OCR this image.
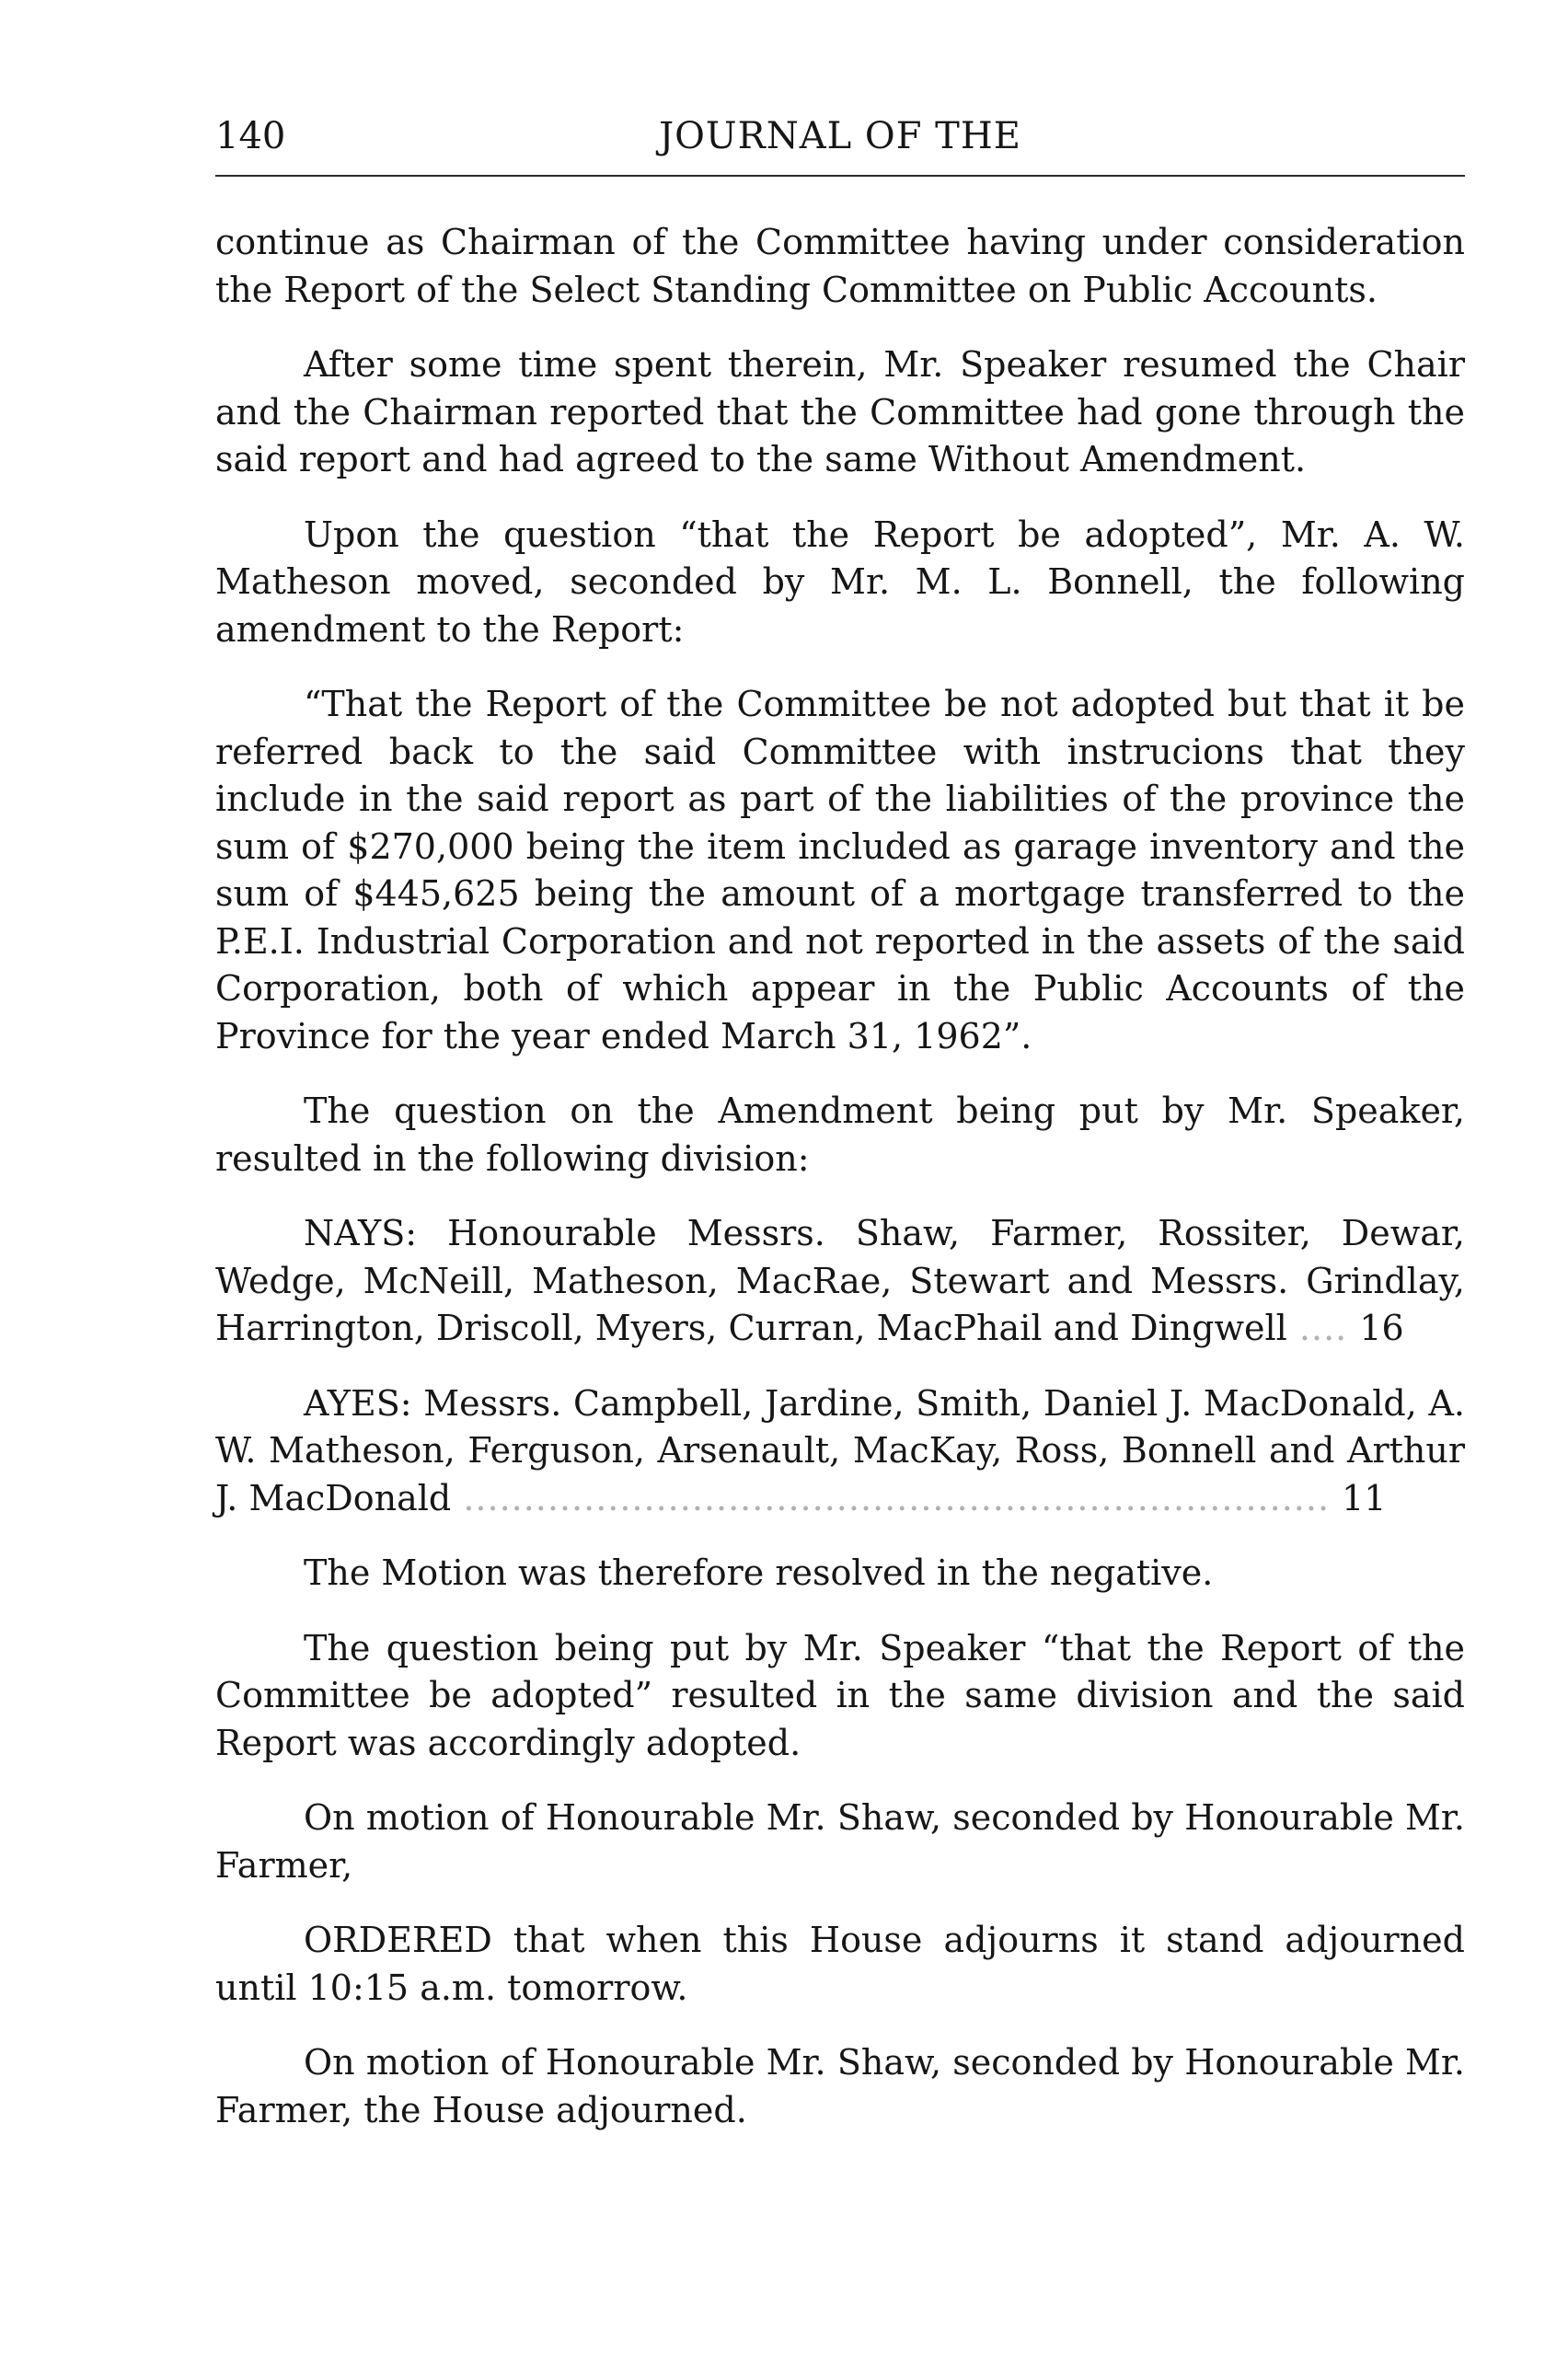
140	JOURNAL OF THE

continue as Chairman of the Committee having under consideration the Report of the Select Standing Committee on Public Accounts.

After some time spent therein, Mr. Speaker resumed the Chair and the Chairman reported that the Committee had gone through the said report and had agreed to the same Without Amendment.

Upon the question “that the Report be adopted”, Mr. A. W. Matheson moved, seconded by Mr. M. L. Bonnell, the following amendment to the Report:

“That the Report of the Committee be not adopted but that it be referred back to the said Committee with instrucions that they include in the said report as part of the liabilities of the province the sum of $270,000 being the item included as garage inventory and the sum of $445,625 being the amount of a mortgage transferred to the P.E.I. Industrial Corporation and not reported in the assets of the said Corporation, both of which appear in the Public Accounts of the Province for the year ended March 31, 1962”.

The question on the Amendment being put by Mr. Speaker, resulted in the following division:

NAYS: Honourable Messrs. Shaw, Farmer, Rossiter, Dewar, Wedge, McNeill, Matheson, MacRae, Stewart and Messrs. Grindlay, Harrington, Driscoll, Myers, Curran, MacPhail and Dingwell .... 16

AYES: Messrs. Campbell, Jardine, Smith, Daniel J. MacDonald, A. W. Matheson, Ferguson, Arsenault, MacKay, Ross, Bonnell and Arthur J. MacDonald ........................................................................ 11

The Motion was therefore resolved in the negative.

The question being put by Mr. Speaker “that the Report of the Committee be adopted” resulted in the same division and the said Report was accordingly adopted.

On motion of Honourable Mr. Shaw, seconded by Honourable Mr. Farmer,

ORDERED that when this House adjourns it stand adjourned until 10:15 a.m. tomorrow.

On motion of Honourable Mr. Shaw, seconded by Honourable Mr. Farmer, the House adjourned.
